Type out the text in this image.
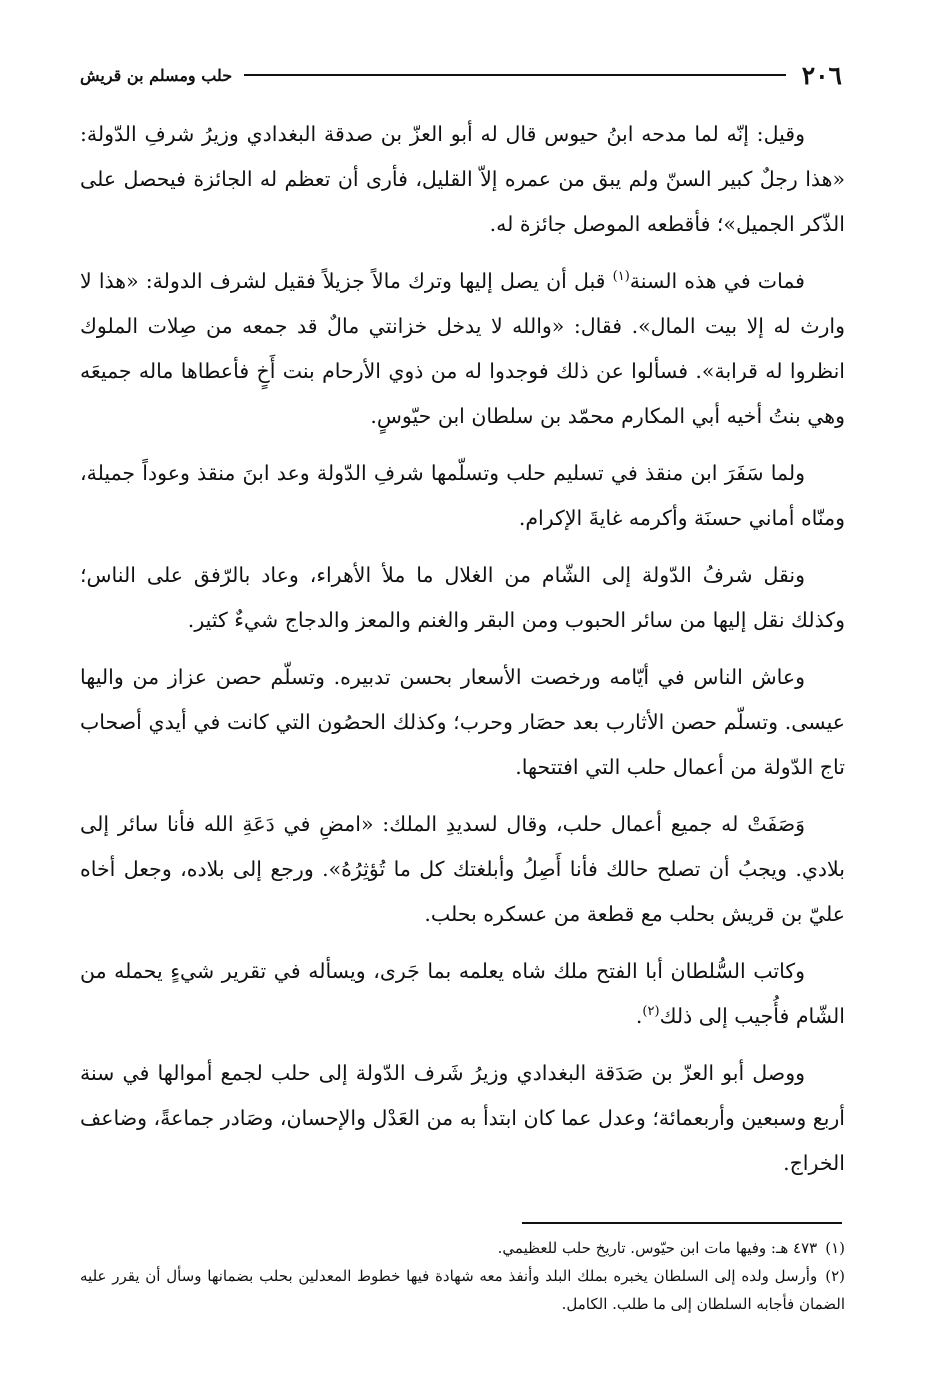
٢٠٦
حلب ومسلم بن قريش

وقيل: إنّه لما مدحه ابنُ حيوس قال له أبو العزّ بن صدقة البغدادي وزيرُ شرفِ الدّولة: «هذا رجلٌ كبير السنّ ولم يبق من عمره إلاّ القليل، فأرى أن تعظم له الجائزة فيحصل على الذّكر الجميل»؛ فأقطعه الموصل جائزة له.

فمات في هذه السنة$^{(١)}$ قبل أن يصل إليها وترك مالاً جزيلاً فقيل لشرف الدولة: «هذا لا وارث له إلا بيت المال». فقال: «والله لا يدخل خزانتي مالٌ قد جمعه من صِلات الملوك انظروا له قرابة». فسألوا عن ذلك فوجدوا له من ذوي الأرحام بنت أَخٍ فأعطاها ماله جميعَه وهي بنتُ أخيه أبي المكارم محمّد بن سلطان ابن حيّوسٍ.

ولما سَفَرَ ابن منقذ في تسليم حلب وتسلّمها شرفِ الدّولة وعد ابنَ منقذ وعوداً جميلة، ومنّاه أماني حسنَة وأكرمه غايةَ الإكرام.

ونقل شرفُ الدّولة إلى الشّام من الغلال ما ملأ الأهراء، وعاد بالرّفق على الناس؛ وكذلك نقل إليها من سائر الحبوب ومن البقر والغنم والمعز والدجاج شيءٌ كثير.

وعاش الناس في أيّامه ورخصت الأسعار بحسن تدبيره. وتسلّم حصن عزاز من واليها عيسى. وتسلّم حصن الأثارب بعد حصَار وحرب؛ وكذلك الحصُون التي كانت في أيدي أصحاب تاج الدّولة من أعمال حلب التي افتتحها.

وَصَفَتْ له جميع أعمال حلب، وقال لسديدِ الملك: «امضِ في دَعَةِ الله فأنا سائر إلى بلادي. ويجبُ أن تصلح حالك فأنا أَصِلُ وأبلغتك كل ما تُؤثِرُهُ». ورجع إلى بلاده، وجعل أخاه عليّ بن قريش بحلب مع قطعة من عسكره بحلب.

وكاتب السُّلطان أبا الفتح ملك شاه يعلمه بما جَرى، ويسأله في تقرير شيءٍ يحمله من الشّام فأُجيب إلى ذلك$^{(٢)}$.

ووصل أبو العزّ بن صَدَقة البغدادي وزيرُ شَرف الدّولة إلى حلب لجمع أموالها في سنة أربع وسبعين وأربعمائة؛ وعدل عما كان ابتدأ به من العَدْل والإحسان، وصَادر جماعةً، وضاعف الخراج.

(١)٤٧٣ هـ: وفيها مات ابن حيّوس. تاريخ حلب للعظيمي.

(٢)وأرسل ولده إلى السلطان يخبره بملك البلد وأنفذ معه شهادة فيها خطوط المعدلين بحلب بضمانها وسأل أن يقرر عليه الضمان فأجابه السلطان إلى ما طلب. الكامل.
